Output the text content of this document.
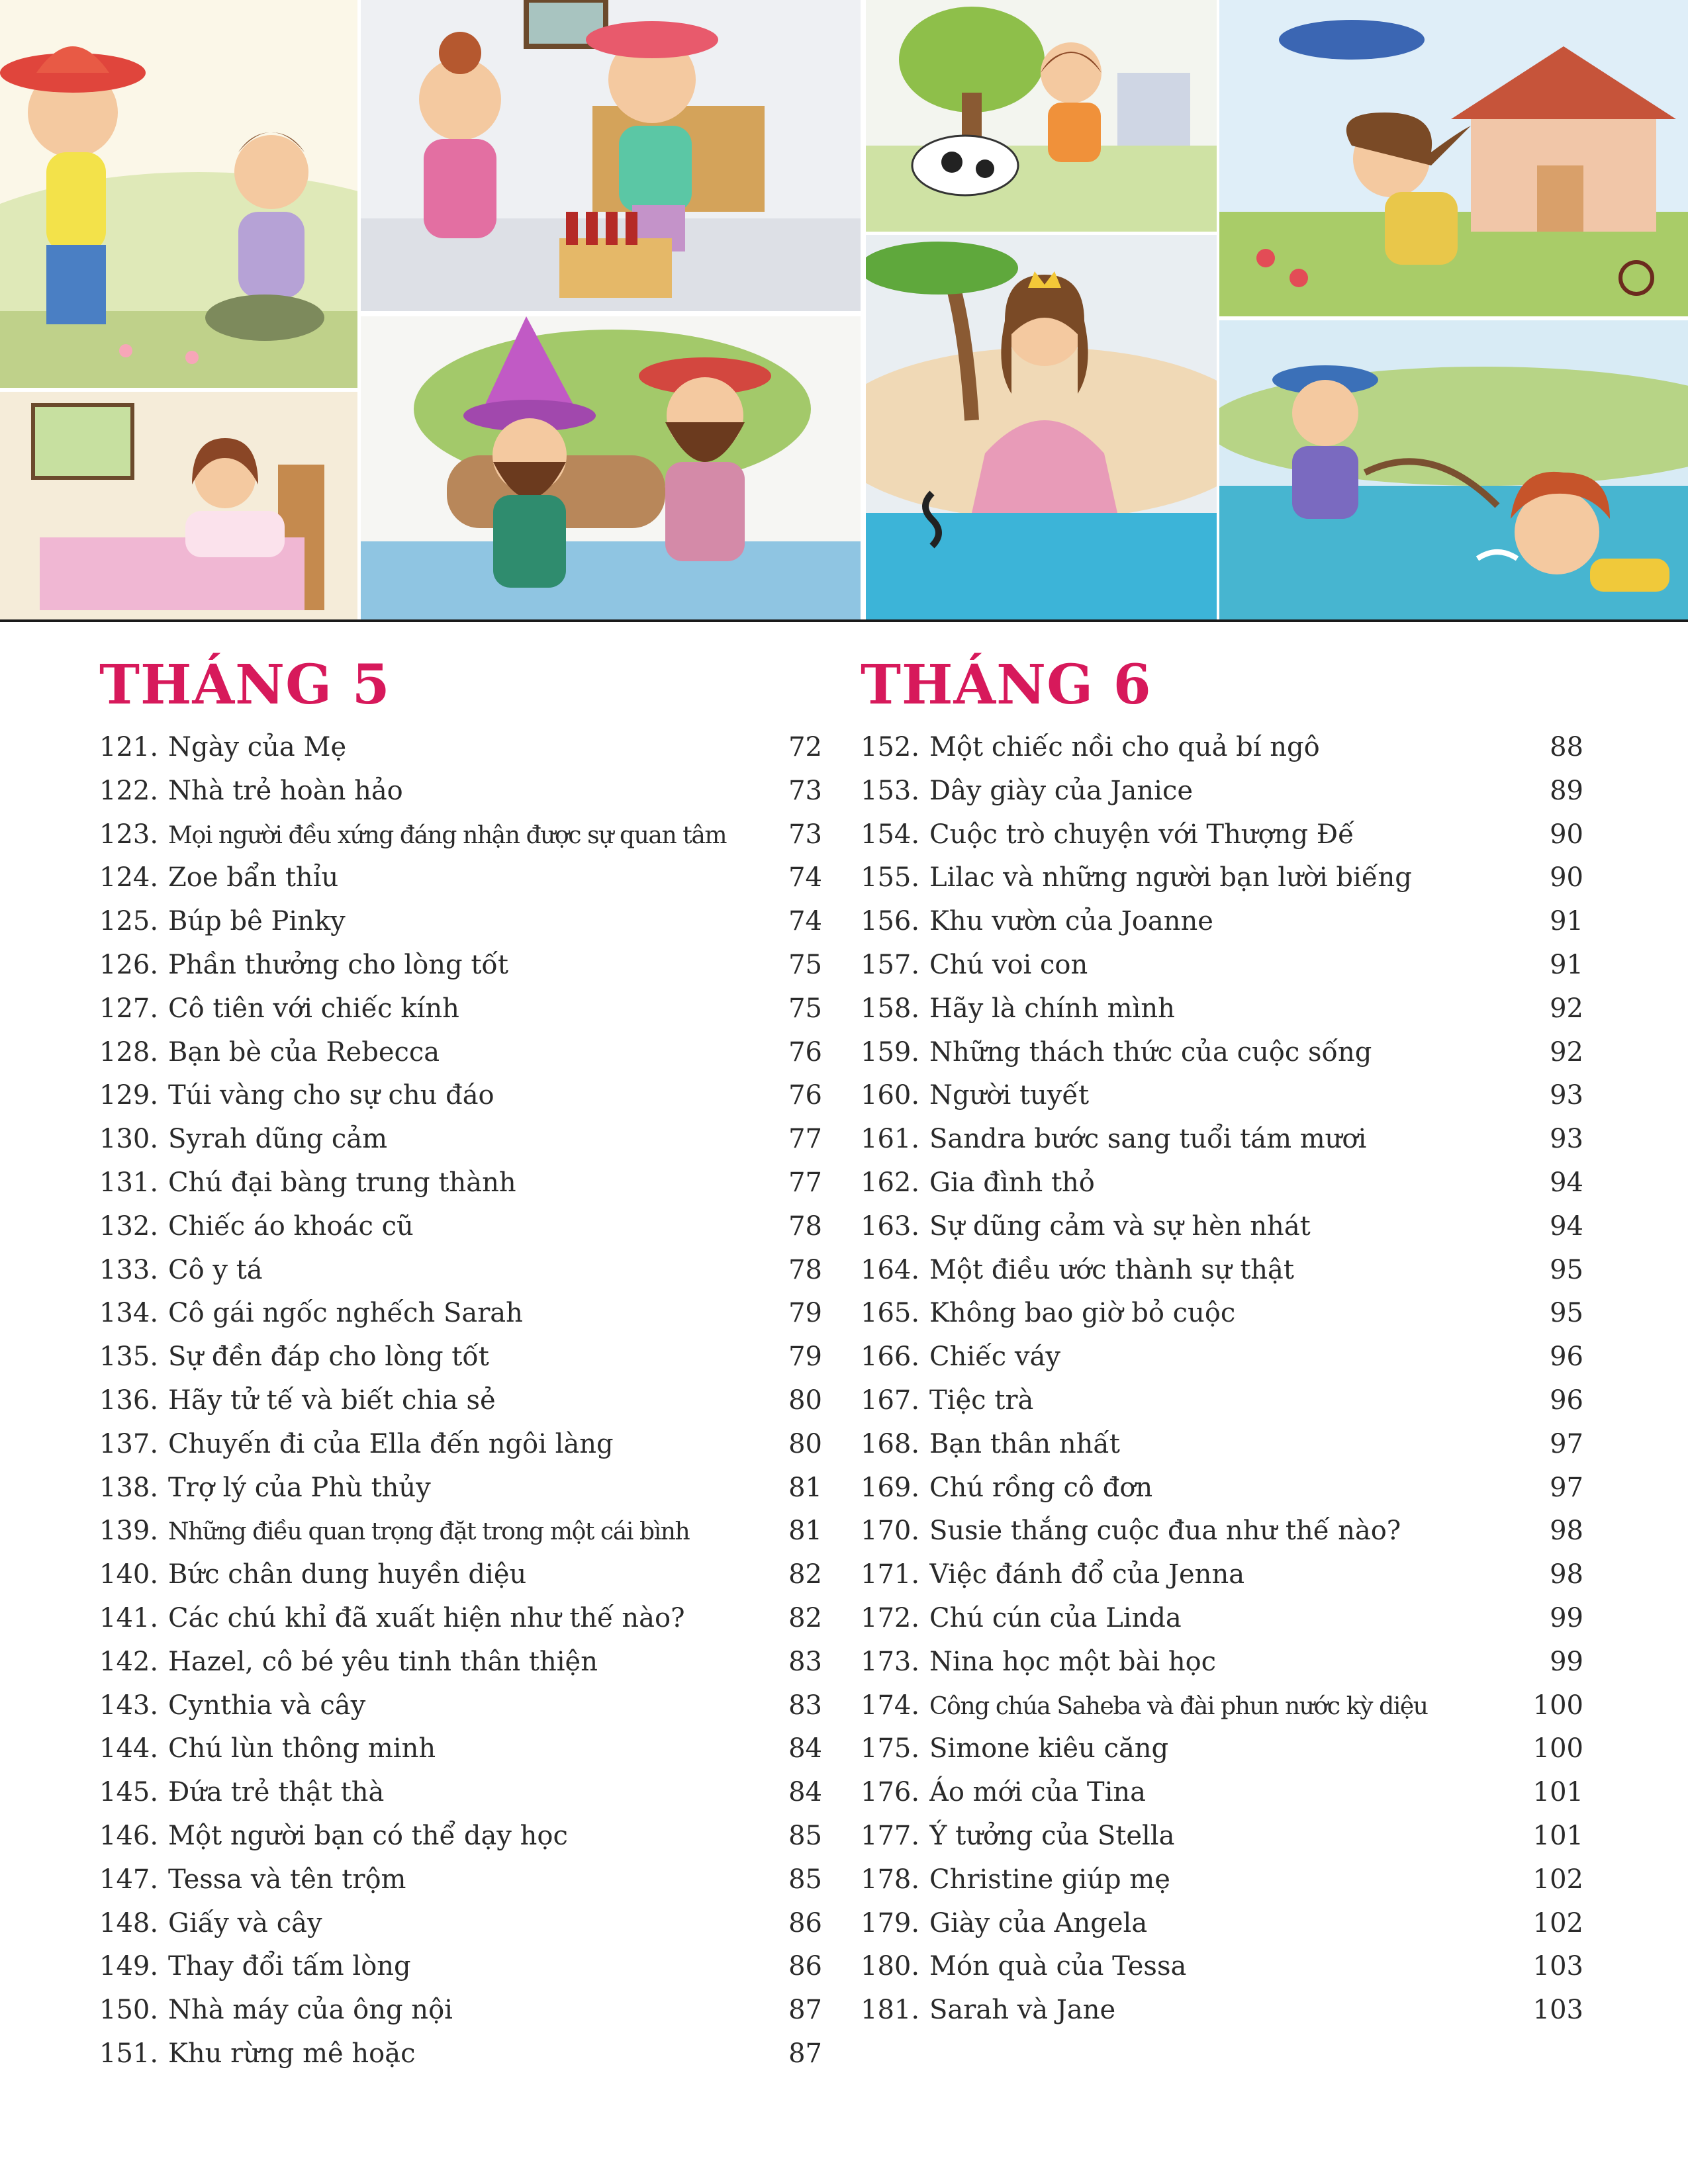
THÁNG 5
121. Ngày của Mẹ	72
122. Nhà trẻ hoàn hảo	73
123. Mọi người đều xứng đáng nhận được sự quan tâm	73
124. Zoe bẩn thỉu	74
125. Búp bê Pinky	74
126. Phần thưởng cho lòng tốt	75
127. Cô tiên với chiếc kính	75
128. Bạn bè của Rebecca	76
129. Túi vàng cho sự chu đáo	76
130. Syrah dũng cảm	77
131. Chú đại bàng trung thành	77
132. Chiếc áo khoác cũ	78
133. Cô y tá	78
134. Cô gái ngốc nghếch Sarah	79
135. Sự đền đáp cho lòng tốt	79
136. Hãy tử tế và biết chia sẻ	80
137. Chuyến đi của Ella đến ngôi làng	80
138. Trợ lý của Phù thủy	81
139. Những điều quan trọng đặt trong một cái bình	81
140. Bức chân dung huyền diệu	82
141. Các chú khỉ đã xuất hiện như thế nào?	82
142. Hazel, cô bé yêu tinh thân thiện	83
143. Cynthia và cây	83
144. Chú lùn thông minh	84
145. Đứa trẻ thật thà	84
146. Một người bạn có thể dạy học	85
147. Tessa và tên trộm	85
148. Giấy và cây	86
149. Thay đổi tấm lòng	86
150. Nhà máy của ông nội	87
151. Khu rừng mê hoặc	87
THÁNG 6
152. Một chiếc nồi cho quả bí ngô	88
153. Dây giày của Janice	89
154. Cuộc trò chuyện với Thượng Đế	90
155. Lilac và những người bạn lười biếng	90
156. Khu vườn của Joanne	91
157. Chú voi con	91
158. Hãy là chính mình	92
159. Những thách thức của cuộc sống	92
160. Người tuyết	93
161. Sandra bước sang tuổi tám mươi	93
162. Gia đình thỏ	94
163. Sự dũng cảm và sự hèn nhát	94
164. Một điều ước thành sự thật	95
165. Không bao giờ bỏ cuộc	95
166. Chiếc váy	96
167. Tiệc trà	96
168. Bạn thân nhất	97
169. Chú rồng cô đơn	97
170. Susie thắng cuộc đua như thế nào?	98
171. Việc đánh đổ của Jenna	98
172. Chú cún của Linda	99
173. Nina học một bài học	99
174. Công chúa Saheba và đài phun nước kỳ diệu	100
175. Simone kiêu căng	100
176. Áo mới của Tina	101
177. Ý tưởng của Stella	101
178. Christine giúp mẹ	102
179. Giày của Angela	102
180. Món quà của Tessa	103
181. Sarah và Jane	103
